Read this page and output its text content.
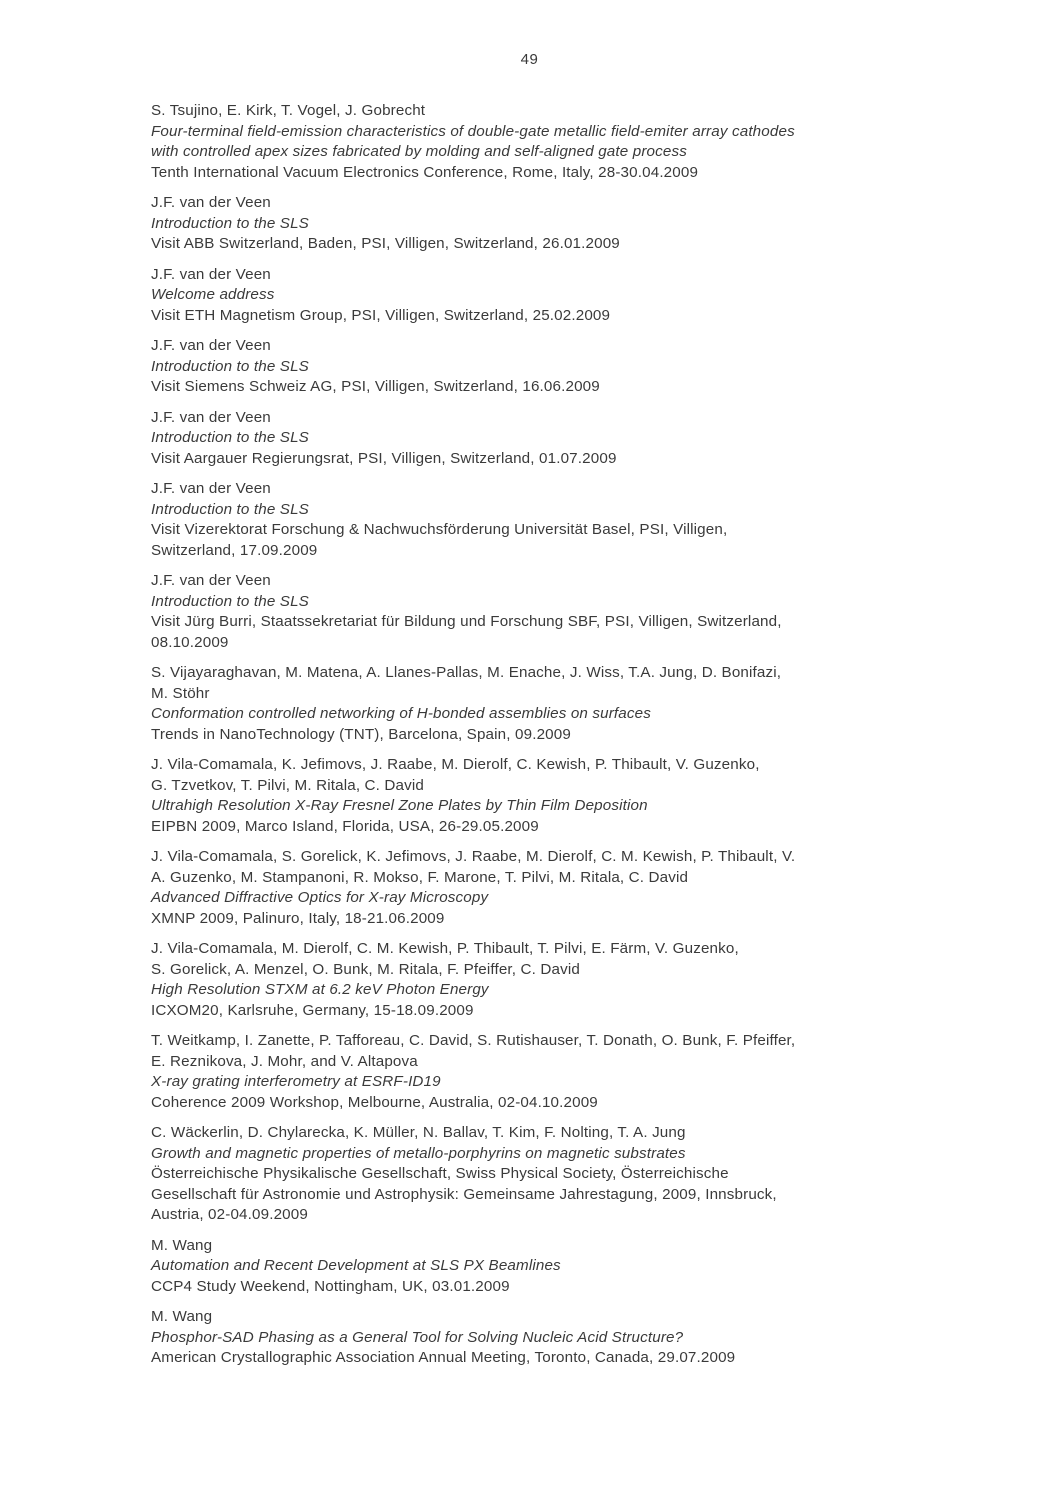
49
S. Tsujino, E. Kirk, T. Vogel, J. Gobrecht
Four-terminal field-emission characteristics of double-gate metallic field-emiter array cathodes
with controlled apex sizes fabricated by molding and self-aligned gate process
Tenth International Vacuum Electronics Conference, Rome, Italy, 28-30.04.2009
J.F. van der Veen
Introduction to the SLS
Visit ABB Switzerland, Baden, PSI, Villigen, Switzerland, 26.01.2009
J.F. van der Veen
Welcome address
Visit ETH Magnetism Group, PSI, Villigen, Switzerland, 25.02.2009
J.F. van der Veen
Introduction to the SLS
Visit Siemens Schweiz AG, PSI, Villigen, Switzerland, 16.06.2009
J.F. van der Veen
Introduction to the SLS
Visit Aargauer Regierungsrat, PSI, Villigen, Switzerland, 01.07.2009
J.F. van der Veen
Introduction to the SLS
Visit Vizerektorat Forschung & Nachwuchsförderung Universität Basel, PSI, Villigen,
Switzerland, 17.09.2009
J.F. van der Veen
Introduction to the SLS
Visit Jürg Burri, Staatssekretariat für Bildung und Forschung SBF, PSI, Villigen, Switzerland,
08.10.2009
S. Vijayaraghavan, M. Matena, A. Llanes-Pallas, M. Enache, J. Wiss, T.A. Jung, D. Bonifazi,
M. Stöhr
Conformation controlled networking of H-bonded assemblies on surfaces
Trends in NanoTechnology (TNT), Barcelona, Spain, 09.2009
J. Vila-Comamala, K. Jefimovs, J. Raabe, M. Dierolf, C. Kewish, P. Thibault, V. Guzenko,
G. Tzvetkov, T. Pilvi, M. Ritala, C. David
Ultrahigh Resolution X-Ray Fresnel Zone Plates by Thin Film Deposition
EIPBN 2009, Marco Island, Florida, USA, 26-29.05.2009
J. Vila-Comamala, S. Gorelick, K. Jefimovs, J. Raabe, M. Dierolf, C. M. Kewish, P. Thibault, V.
A. Guzenko, M. Stampanoni, R. Mokso, F. Marone, T. Pilvi, M. Ritala, C. David
Advanced Diffractive Optics for X-ray Microscopy
XMNP 2009, Palinuro, Italy, 18-21.06.2009
J. Vila-Comamala, M. Dierolf, C. M. Kewish, P. Thibault, T. Pilvi, E. Färm, V. Guzenko,
S. Gorelick, A. Menzel, O. Bunk, M. Ritala, F. Pfeiffer, C. David
High Resolution STXM at 6.2 keV Photon Energy
ICXOM20, Karlsruhe, Germany, 15-18.09.2009
T. Weitkamp, I. Zanette, P. Tafforeau, C. David, S. Rutishauser, T. Donath, O. Bunk, F. Pfeiffer,
E. Reznikova, J. Mohr, and V. Altapova
X-ray grating interferometry at ESRF-ID19
Coherence 2009 Workshop, Melbourne, Australia, 02-04.10.2009
C. Wäckerlin, D. Chylarecka, K. Müller, N. Ballav, T. Kim, F. Nolting, T. A. Jung
Growth and magnetic properties of metallo-porphyrins on magnetic substrates
Österreichische Physikalische Gesellschaft, Swiss Physical Society, Österreichische
Gesellschaft für Astronomie und Astrophysik: Gemeinsame Jahrestagung, 2009, Innsbruck,
Austria, 02-04.09.2009
M. Wang
Automation and Recent Development at SLS PX Beamlines
CCP4 Study Weekend, Nottingham, UK, 03.01.2009
M. Wang
Phosphor-SAD Phasing as a General Tool for Solving Nucleic Acid Structure?
American Crystallographic Association Annual Meeting, Toronto, Canada, 29.07.2009
